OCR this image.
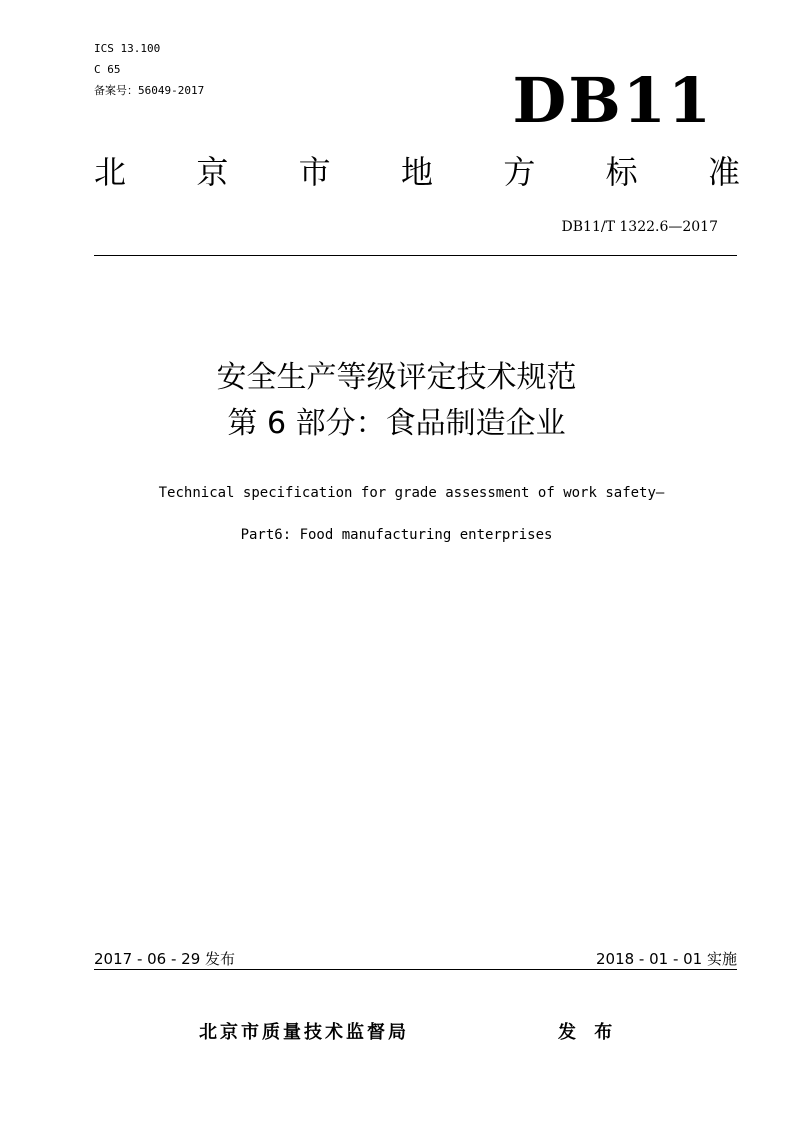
ICS 13.100
C 65
备案号：56049-2017	DB11
北 京 市 地 方 标 准
DB11/T 1322.6—2017
安全生产等级评定技术规范
第 6 部分：食品制造企业
Technical specification for grade assessment of work safety—
Part6: Food manufacturing enterprises
2017 - 06 - 29 发布	2018 - 01 - 01 实施
北京市质量技术监督局	发 布
